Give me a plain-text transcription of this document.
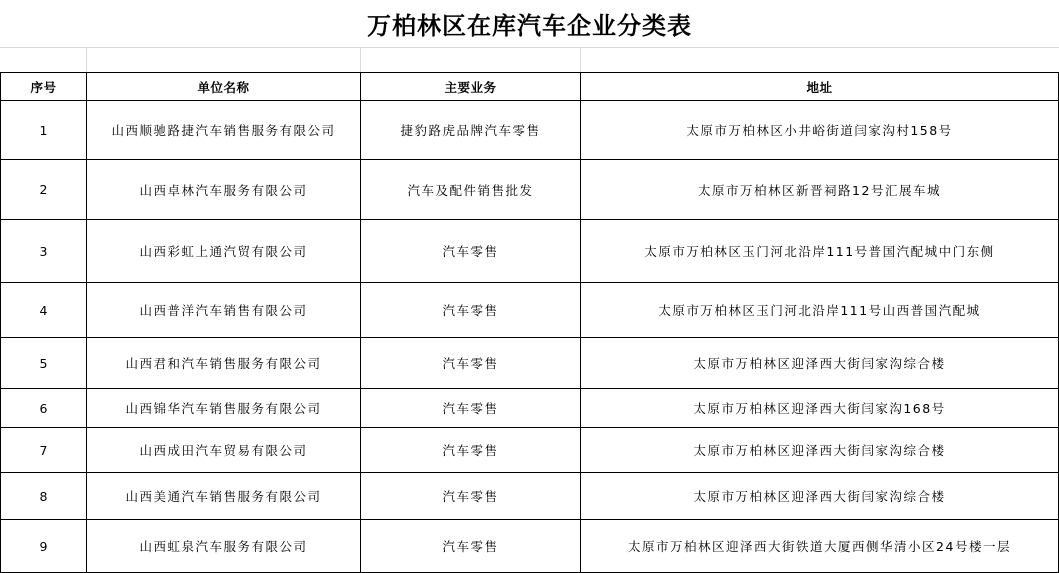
万柏林区在库汽车企业分类表
序号	单位名称	主要业务	地址
1	山西顺驰路捷汽车销售服务有限公司	捷豹路虎品牌汽车零售	太原市万柏林区小井峪街道闫家沟村158号
2	山西卓林汽车服务有限公司	汽车及配件销售批发	太原市万柏林区新晋祠路12号汇展车城
3	山西彩虹上通汽贸有限公司	汽车零售	太原市万柏林区玉门河北沿岸111号普国汽配城中门东侧
4	山西普洋汽车销售有限公司	汽车零售	太原市万柏林区玉门河北沿岸111号山西普国汽配城
5	山西君和汽车销售服务有限公司	汽车零售	太原市万柏林区迎泽西大街闫家沟综合楼
6	山西锦华汽车销售服务有限公司	汽车零售	太原市万柏林区迎泽西大街闫家沟168号
7	山西成田汽车贸易有限公司	汽车零售	太原市万柏林区迎泽西大街闫家沟综合楼
8	山西美通汽车销售服务有限公司	汽车零售	太原市万柏林区迎泽西大街闫家沟综合楼
9	山西虹泉汽车服务有限公司	汽车零售	太原市万柏林区迎泽西大街铁道大厦西侧华清小区24号楼一层
